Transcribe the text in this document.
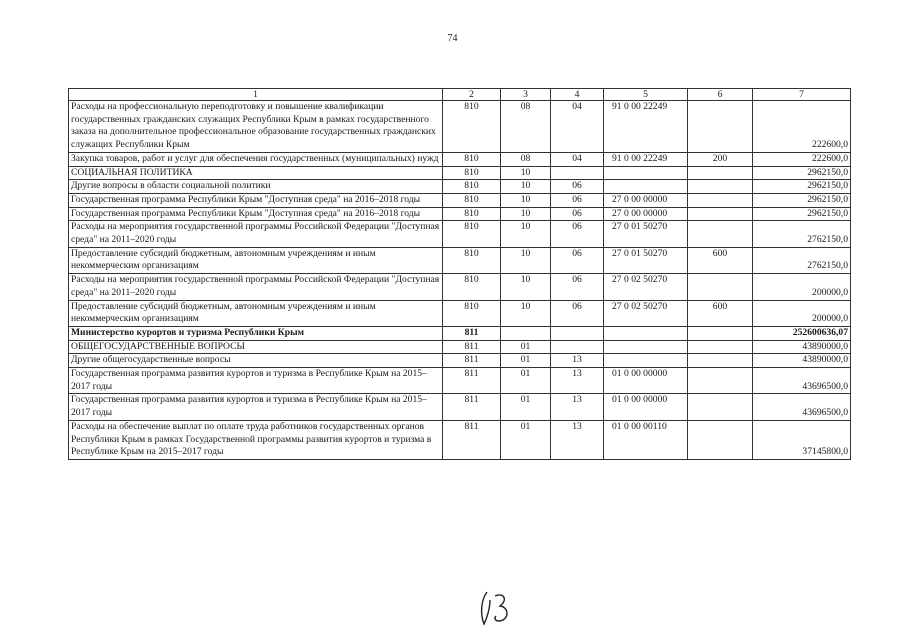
74
1	2	3	4	5	6	7
Расходы на профессиональную переподготовку и повышение квалификации государственных гражданских служащих Республики Крым в рамках государственного заказа на дополнительное профессиональное образование государственных гражданских служащих Республики Крым	810	08	04	91 0 00 22249		222600,0
Закупка товаров, работ и услуг для обеспечения государственных (муниципальных) нужд	810	08	04	91 0 00 22249	200	222600,0
СОЦИАЛЬНАЯ ПОЛИТИКА	810	10				2962150,0
Другие вопросы в области социальной политики	810	10	06			2962150,0
Государственная программа Республики Крым "Доступная среда" на 2016–2018 годы	810	10	06	27 0 00 00000		2962150,0
Государственная программа Республики Крым "Доступная среда" на 2016–2018 годы	810	10	06	27 0 00 00000		2962150,0
Расходы на мероприятия государственной программы Российской Федерации "Доступная среда" на 2011–2020 годы	810	10	06	27 0 01 50270		2762150,0
Предоставление субсидий бюджетным, автономным учреждениям и иным некоммерческим организациям	810	10	06	27 0 01 50270	600	2762150,0
Расходы на мероприятия государственной программы Российской Федерации "Доступная среда" на 2011–2020 годы	810	10	06	27 0 02 50270		200000,0
Предоставление субсидий бюджетным, автономным учреждениям и иным некоммерческим организациям	810	10	06	27 0 02 50270	600	200000,0
Министерство курортов и туризма Республики Крым	811					252600636,07
ОБЩЕГОСУДАРСТВЕННЫЕ ВОПРОСЫ	811	01				43890000,0
Другие общегосударственные вопросы	811	01	13			43890000,0
Государственная программа развития курортов и туризма в Республике Крым на 2015–2017 годы	811	01	13	01 0 00 00000		43696500,0
Государственная программа развития курортов и туризма в Республике Крым на 2015–2017 годы	811	01	13	01 0 00 00000		43696500,0
Расходы на обеспечение выплат по оплате труда работников государственных органов Республики Крым в рамках Государственной программы развития курортов и туризма в Республике Крым на 2015–2017 годы	811	01	13	01 0 00 00110		37145800,0
